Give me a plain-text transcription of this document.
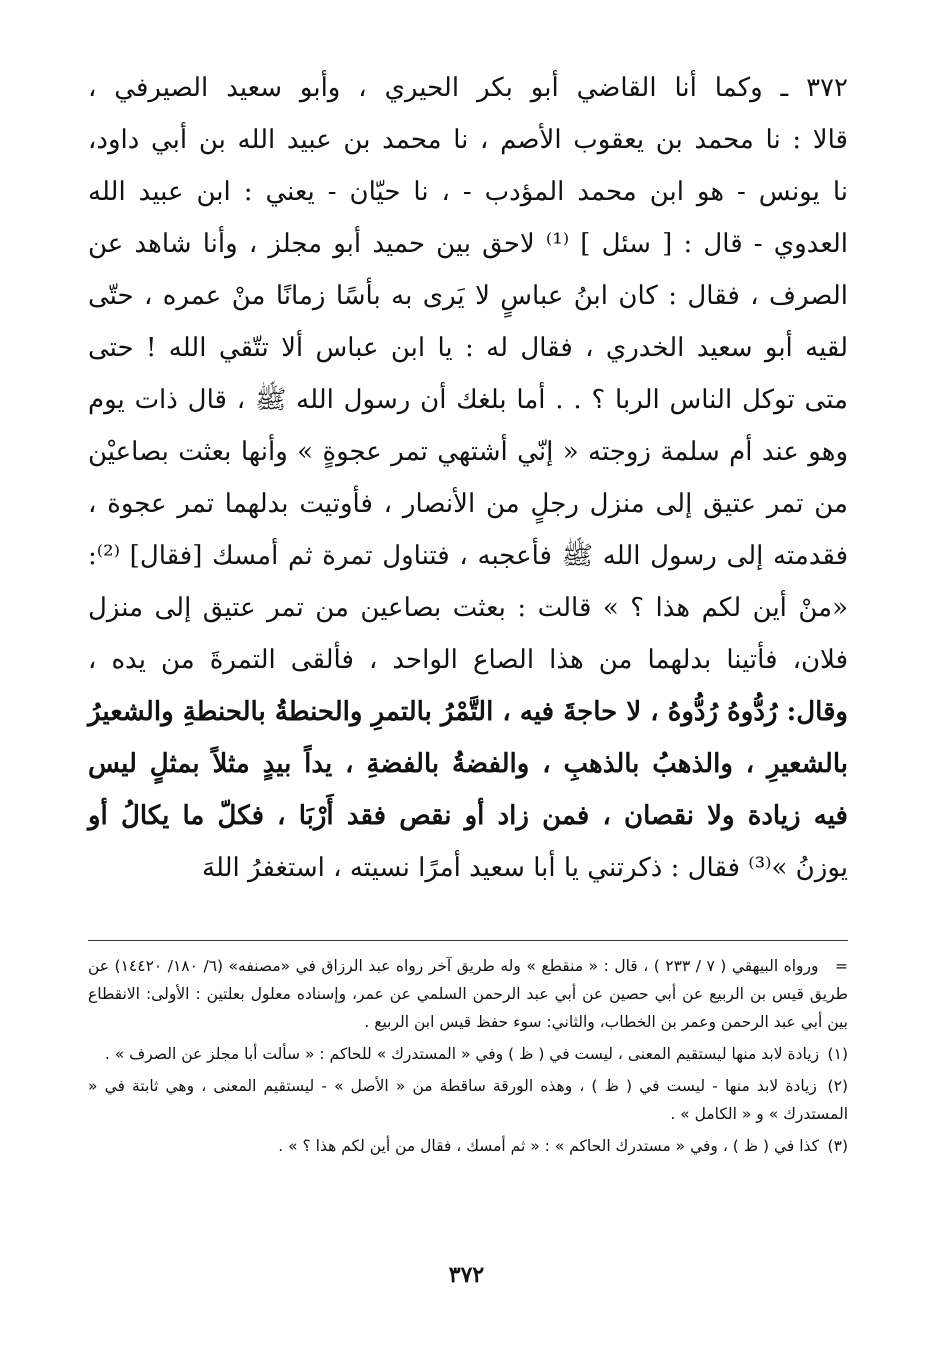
٣٧٢ ـ وكما أنا القاضي أبو بكر الحيري ، وأبو سعيد الصيرفي ،
قالا : نا محمد بن يعقوب الأصم ، نا محمد بن عبيد الله بن أبي داود،
نا يونس - هو ابن محمد المؤدب - ، نا حيّان - يعني : ابن عبيد الله
العدوي - قال : [ سئل ] ⁽¹⁾ لاحق بين حميد أبو مجلز ، وأنا شاهد عن
الصرف ، فقال : كان ابنُ عباسٍ لا يَرى به بأسًا زمانًا منْ عمره ، حتّى
لقيه أبو سعيد الخدري ، فقال له : يا ابن عباس ألا تتّقي الله ! حتى
متى توكل الناس الربا ؟ . . أما بلغك أن رسول الله ﷺ ، قال ذات يوم
وهو عند أم سلمة زوجته « إنّي أشتهي تمر عجوةٍ » وأنها بعثت بصاعيْن
من تمر عتيق إلى منزل رجلٍ من الأنصار ، فأوتيت بدلهما تمر عجوة ،
فقدمته إلى رسول الله ﷺ فأعجبه ، فتناول تمرة ثم أمسك [فقال] ⁽²⁾:
«منْ أين لكم هذا ؟ » قالت : بعثت بصاعين من تمر عتيق إلى منزل
فلان، فأتينا بدلهما من هذا الصاع الواحد ، فألقى التمرةَ من يده ،
وقال: رُدُّوهُ رُدُّوهُ ، لا حاجةَ فيه ، التَّمْرُ بالتمرِ والحنطةُ بالحنطةِ والشعيرُ
بالشعيرِ ، والذهبُ بالذهبِ ، والفضةُ بالفضةِ ، يداً بيدٍ مثلاً بمثلٍ ليس
فيه زيادة ولا نقصان ، فمن زاد أو نقص فقد أَرْبَا ، فكلّ ما يكالُ أو
يوزنُ »⁽³⁾ فقال : ذكرتني يا أبا سعيد أمرًا نسيته ، استغفرُ اللهَ

= ورواه البيهقي ( ٧ / ٢٣٣ ) ، قال : « منقطع » وله طريق آخر رواه عبد الرزاق في «مصنفه» (٦/ ١٨٠/ ١٤٤٢٠) عن طريق قيس بن الربيع عن أبي حصين عن أبي عبد الرحمن السلمي عن عمر، وإسناده معلول بعلتين : الأولى: الانقطاع بين أبي عبد الرحمن وعمر بن الخطاب، والثاني: سوء حفظ قيس ابن الربيع .

(١) زيادة لابد منها ليستقيم المعنى ، ليست في ( ظ ) وفي « المستدرك » للحاكم : « سألت أبا مجلز عن الصرف » .

(٢) زيادة لابد منها - ليست في ( ظ ) ، وهذه الورقة ساقطة من « الأصل » - ليستقيم المعنى ، وهي ثابتة في « المستدرك » و « الكامل » .

(٣) كذا في ( ظ ) ، وفي « مستدرك الحاكم » : « ثم أمسك ، فقال من أين لكم هذا ؟ » .

٣٧٢
